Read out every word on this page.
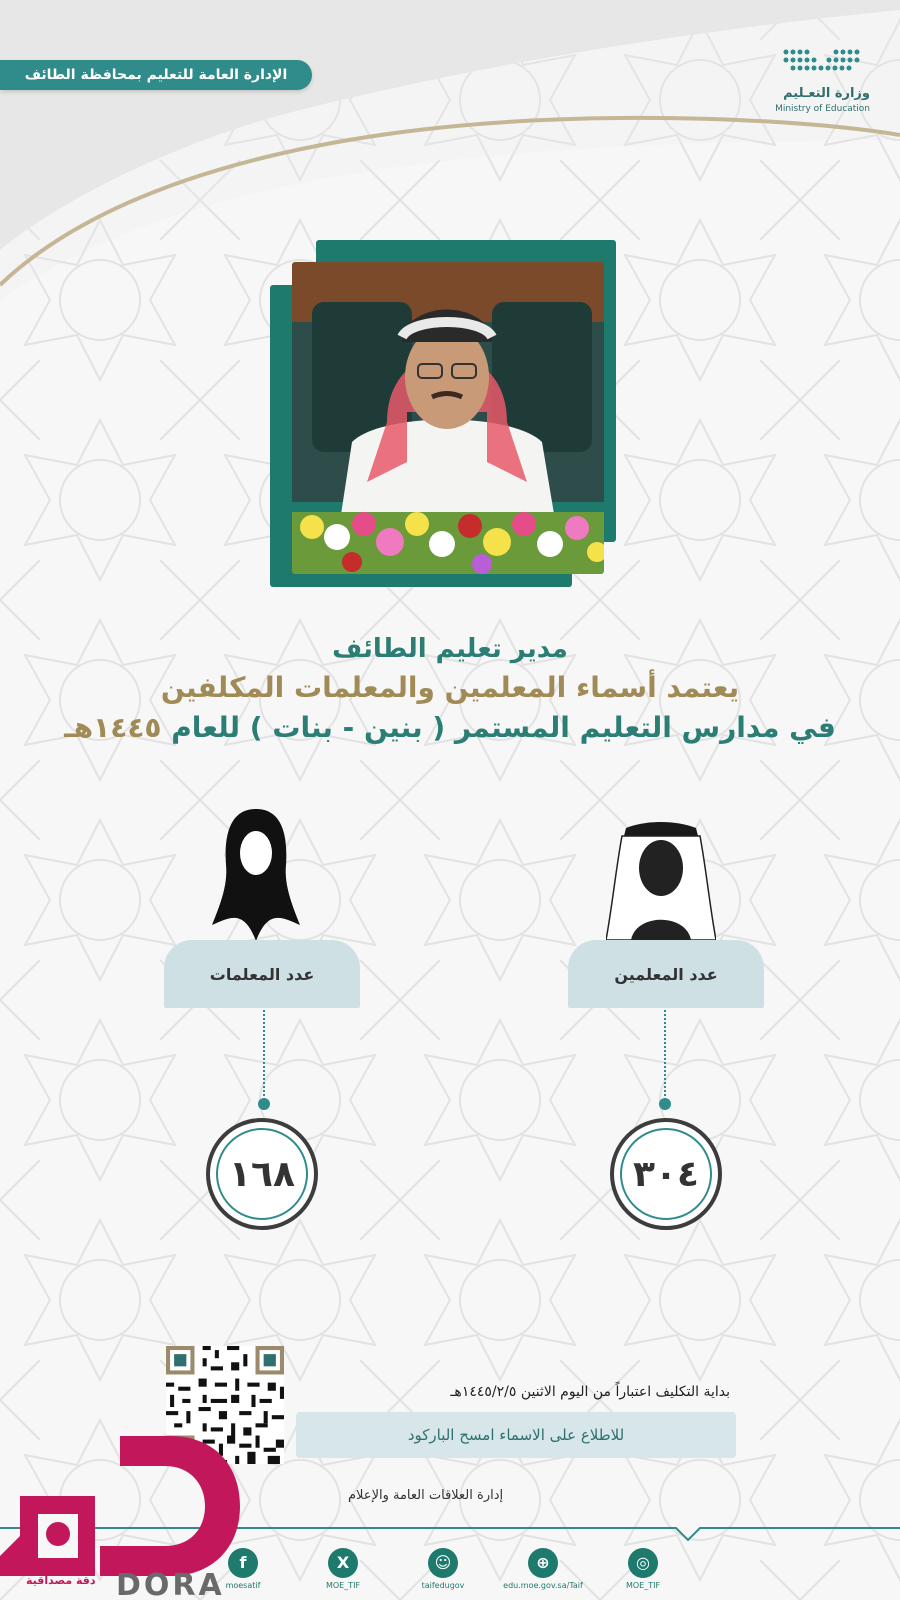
الإدارة العامة للتعليم بمحافظة الطائف
وزارة التعـليم
Ministry of Education
مدير تعليم الطائف
يعتمد أسماء المعلمين والمعلمات المكلفين
في مدارس التعليم المستمر ( بنين - بنات ) للعام ١٤٤٥هـ
عدد المعلمين
عدد المعلمات
٣٠٤
١٦٨
بداية التكليف اعتباراً من اليوم الاثنين ١٤٤٥/٢/٥هـ
للاطلاع على الاسماء امسح الباركود
إدارة العلاقات العامة والإعلام
◎
MOE_TIF
⊕
edu.moe.gov.sa/Taif
☺
taifedugov
X
MOE_TIF
f
moesatif
DORA
دقة مصداقية
